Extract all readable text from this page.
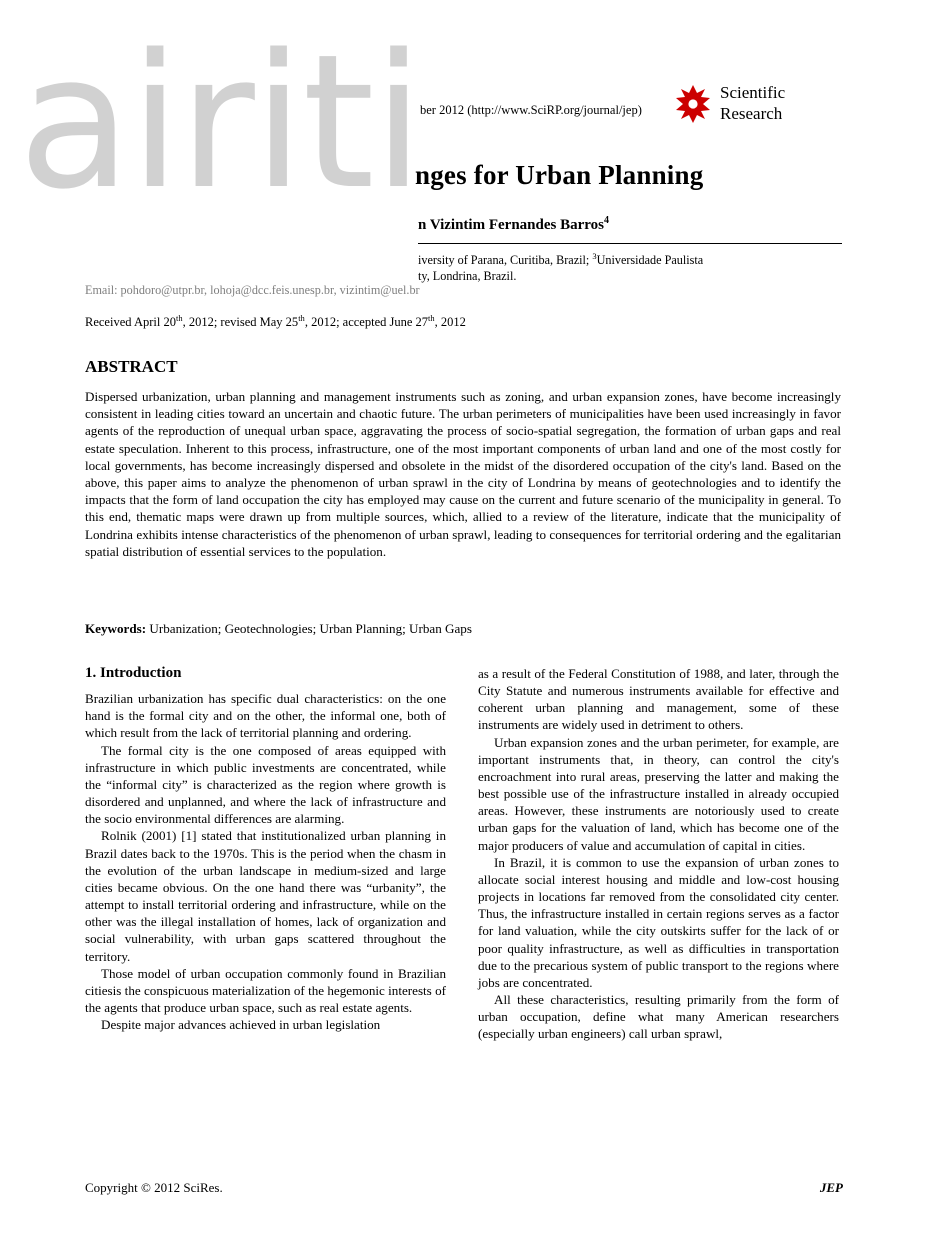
airiti
ber 2012 (http://www.SciRP.org/journal/jep)
Scientific
Research
nges for Urban Planning
n Vizintim Fernandes Barros$^4$
iversity of Parana, Curitiba, Brazil; $^3$Universidade Paulista
ty, Londrina, Brazil.
Email: pohdoro@utpr.br, lohoja@dcc.feis.unesp.br, vizintim@uel.br
Received April 20th, 2012; revised May 25th, 2012; accepted June 27th, 2012
ABSTRACT
Dispersed urbanization, urban planning and management instruments such as zoning, and urban expansion zones, have become increasingly consistent in leading cities toward an uncertain and chaotic future. The urban perimeters of municipalities have been used increasingly in favor agents of the reproduction of unequal urban space, aggravating the process of socio-spatial segregation, the formation of urban gaps and real estate speculation. Inherent to this process, infrastructure, one of the most important components of urban land and one of the most costly for local governments, has become increasingly dispersed and obsolete in the midst of the disordered occupation of the city's land. Based on the above, this paper aims to analyze the phenomenon of urban sprawl in the city of Londrina by means of geotechnologies and to identify the impacts that the form of land occupation the city has employed may cause on the current and future scenario of the municipality in general. To this end, thematic maps were drawn up from multiple sources, which, allied to a review of the literature, indicate that the municipality of Londrina exhibits intense characteristics of the phenomenon of urban sprawl, leading to consequences for territorial ordering and the egalitarian spatial distribution of essential services to the population.
Keywords: Urbanization; Geotechnologies; Urban Planning; Urban Gaps
1. Introduction

Brazilian urbanization has specific dual characteristics: on the one hand is the formal city and on the other, the informal one, both of which result from the lack of territorial planning and ordering.

The formal city is the one composed of areas equipped with infrastructure in which public investments are concentrated, while the “informal city” is characterized as the region where growth is disordered and unplanned, and where the lack of infrastructure and the socio environmental differences are alarming.

Rolnik (2001) [1] stated that institutionalized urban planning in Brazil dates back to the 1970s. This is the period when the chasm in the evolution of the urban landscape in medium-sized and large cities became obvious. On the one hand there was “urbanity”, the attempt to install territorial ordering and infrastructure, while on the other was the illegal installation of homes, lack of organization and social vulnerability, with urban gaps scattered throughout the territory.

Those model of urban occupation commonly found in Brazilian citiesis the conspicuous materialization of the hegemonic interests of the agents that produce urban space, such as real estate agents.

Despite major advances achieved in urban legislation

as a result of the Federal Constitution of 1988, and later, through the City Statute and numerous instruments available for effective and coherent urban planning and management, some of these instruments are widely used in detriment to others.

Urban expansion zones and the urban perimeter, for example, are important instruments that, in theory, can control the city's encroachment into rural areas, preserving the latter and making the best possible use of the infrastructure installed in already occupied areas. However, these instruments are notoriously used to create urban gaps for the valuation of land, which has become one of the major producers of value and accumulation of capital in cities.

In Brazil, it is common to use the expansion of urban zones to allocate social interest housing and middle and low-cost housing projects in locations far removed from the consolidated city center. Thus, the infrastructure installed in certain regions serves as a factor for land valuation, while the city outskirts suffer for the lack of or poor quality infrastructure, as well as difficulties in transportation due to the precarious system of public transport to the regions where jobs are concentrated.

All these characteristics, resulting primarily from the form of urban occupation, define what many American researchers (especially urban engineers) call urban sprawl,

Copyright © 2012 SciRes.	JEP
